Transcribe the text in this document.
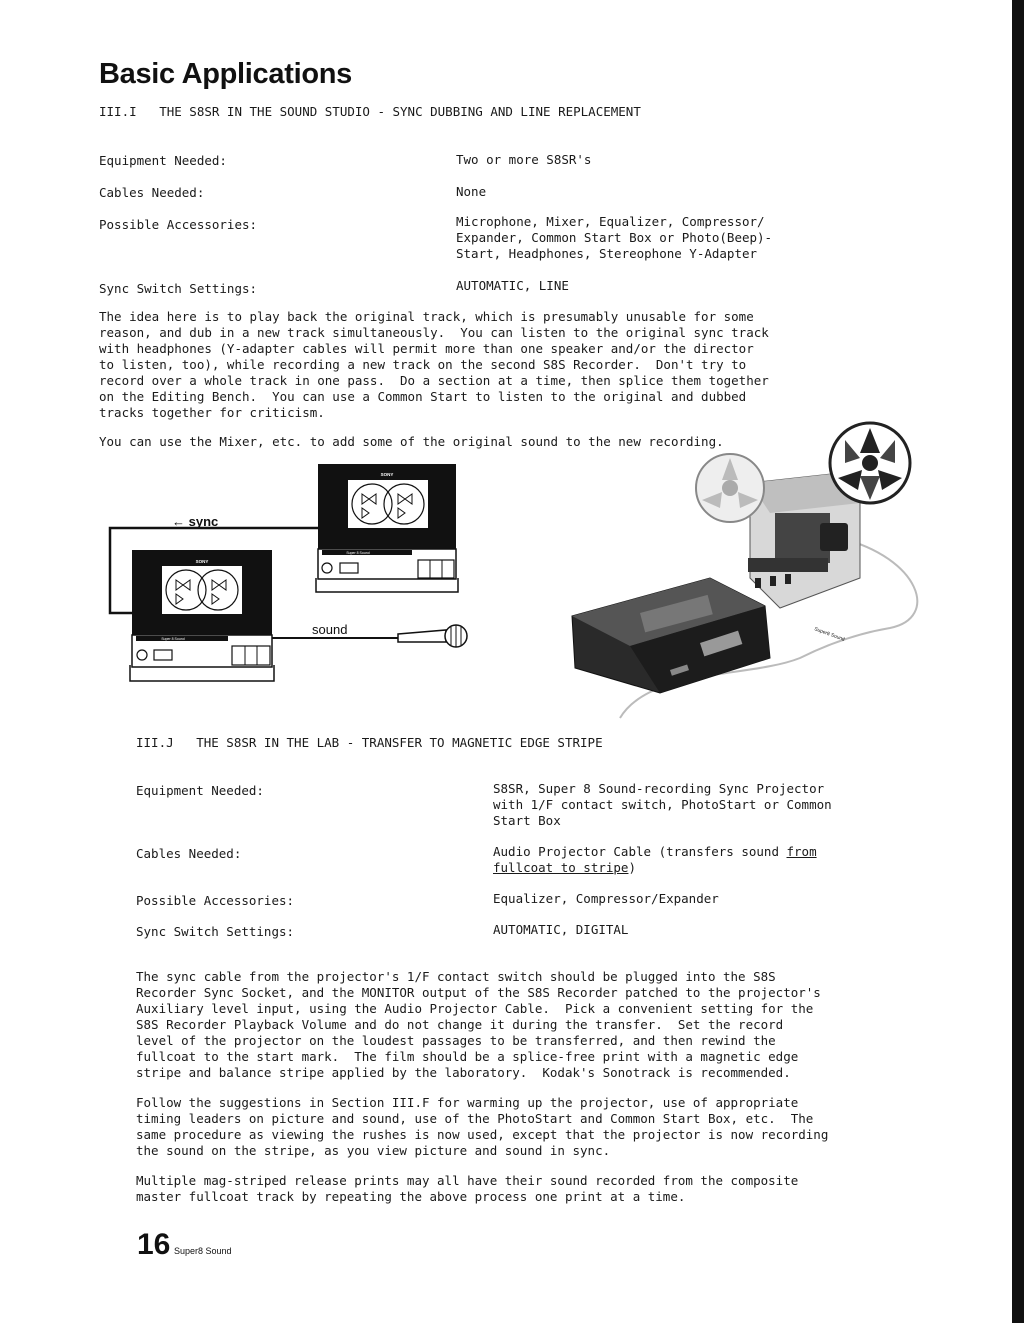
Basic Applications
III.I   THE S8SR IN THE SOUND STUDIO - SYNC DUBBING AND LINE REPLACEMENT
Equipment Needed:	Two or more S8SR's
Cables Needed:	None
Possible Accessories:	Microphone, Mixer, Equalizer, Compressor/
Expander, Common Start Box or Photo(Beep)-
Start, Headphones, Stereophone Y-Adapter
Sync Switch Settings:	AUTOMATIC, LINE
The idea here is to play back the original track, which is presumably unusable for some
reason, and dub in a new track simultaneously.  You can listen to the original sync track
with headphones (Y-adapter cables will permit more than one speaker and/or the director
to listen, too), while recording a new track on the second S8S Recorder.  Don't try to
record over a whole track in one pass.  Do a section at a time, then splice them together
on the Editing Bench.  You can use a Common Start to listen to the original and dubbed
tracks together for criticism.
You can use the Mixer, etc. to add some of the original sound to the new recording.
← sync
SONY
Super 8 Sound
SONY
Super 8 Sound
sound	Super8 Sound
III.J   THE S8SR IN THE LAB - TRANSFER TO MAGNETIC EDGE STRIPE
Equipment Needed:	S8SR, Super 8 Sound-recording Sync Projector
with 1/F contact switch, PhotoStart or Common
Start Box
Cables Needed:	Audio Projector Cable (transfers sound from
fullcoat to stripe)
Possible Accessories:	Equalizer, Compressor/Expander
Sync Switch Settings:	AUTOMATIC, DIGITAL
The sync cable from the projector's 1/F contact switch should be plugged into the S8S
Recorder Sync Socket, and the MONITOR output of the S8S Recorder patched to the projector's
Auxiliary level input, using the Audio Projector Cable.  Pick a convenient setting for the
S8S Recorder Playback Volume and do not change it during the transfer.  Set the record
level of the projector on the loudest passages to be transferred, and then rewind the
fullcoat to the start mark.  The film should be a splice-free print with a magnetic edge
stripe and balance stripe applied by the laboratory.  Kodak's Sonotrack is recommended.
Follow the suggestions in Section III.F for warming up the projector, use of appropriate
timing leaders on picture and sound, use of the PhotoStart and Common Start Box, etc.  The
same procedure as viewing the rushes is now used, except that the projector is now recording
the sound on the stripe, as you view picture and sound in sync.
Multiple mag-striped release prints may all have their sound recorded from the composite
master fullcoat track by repeating the above process one print at a time.
16 Super8 Sound
